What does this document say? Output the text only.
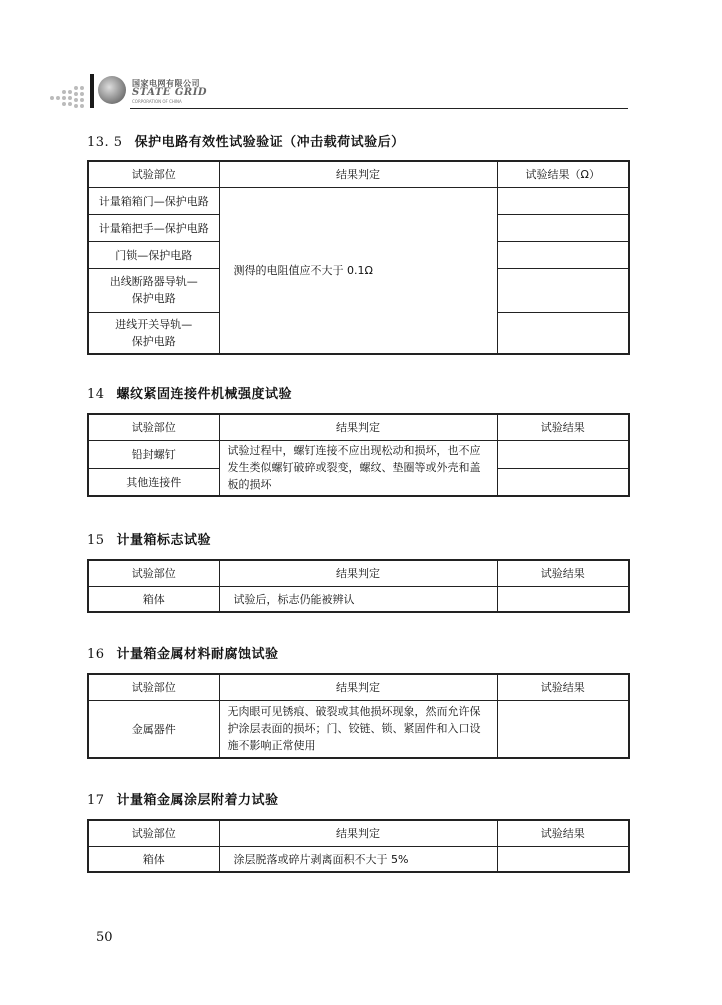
国家电网有限公司
STATE GRID
CORPORATION OF CHINA
13. 5 保护电路有效性试验验证（冲击载荷试验后）
试验部位	结果判定	试验结果（Ω）
计量箱箱门—保护电路	测得的电阻值应不大于 0.1Ω	
计量箱把手—保护电路		
门锁—保护电路		
出线断路器导轨—
保护电路		
进线开关导轨—
保护电路		
14 螺纹紧固连接件机械强度试验
试验部位	结果判定	试验结果
铅封螺钉	试验过程中，螺钉连接不应出现松动和损坏，也不应发生类似螺钉破碎或裂变，螺纹、垫圈等或外壳和盖板的损坏	
其他连接件		
15 计量箱标志试验
试验部位	结果判定	试验结果
箱体	试验后，标志仍能被辨认	
16 计量箱金属材料耐腐蚀试验
试验部位	结果判定	试验结果
金属器件	无肉眼可见锈痕、破裂或其他损坏现象，然而允许保护涂层表面的损坏；门、铰链、锁、紧固件和入口设施不影响正常使用	
17 计量箱金属涂层附着力试验
试验部位	结果判定	试验结果
箱体	涂层脱落或碎片剥离面积不大于 5%	
50
